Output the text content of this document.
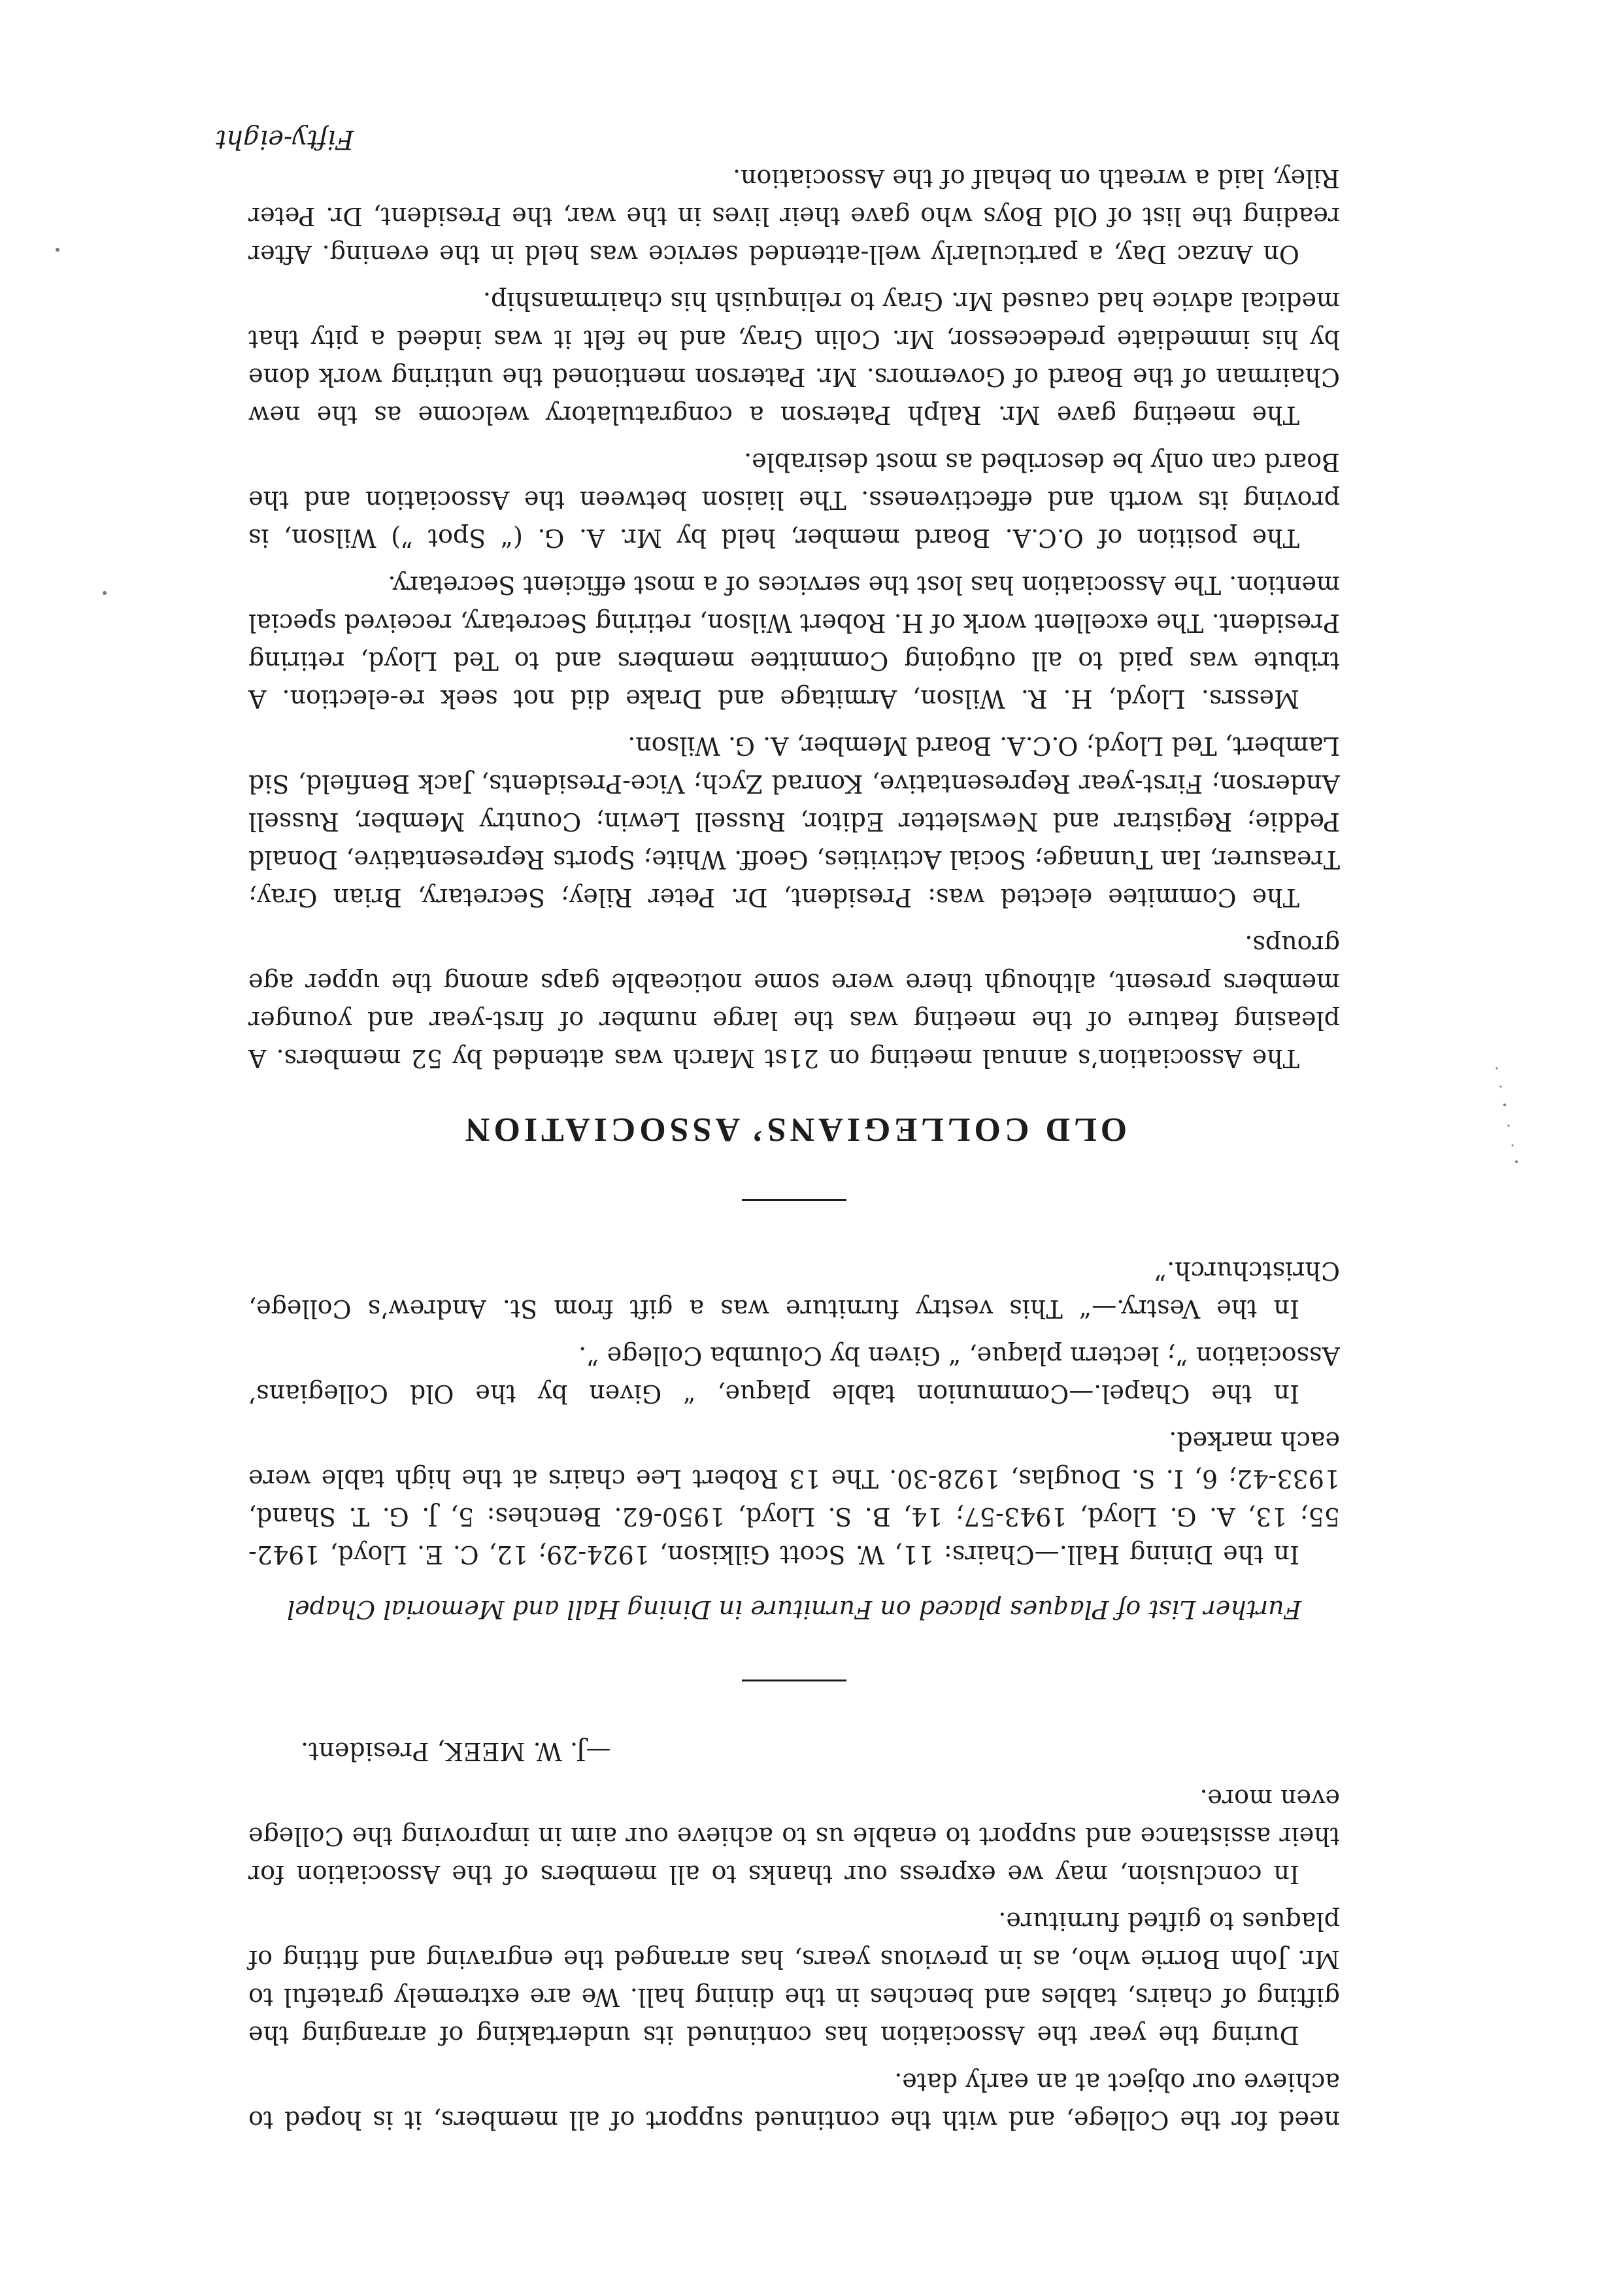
need for the College, and with the continued support of all members, it is hoped to achieve our object at an early date.

During the year the Association has continued its undertaking of arranging the gifting of chairs, tables and benches in the dining hall. We are extremely grateful to Mr. John Borrie who, as in previous years, has arranged the engraving and fitting of plaques to gifted furniture.

In conclusion, may we express our thanks to all members of the Association for their assistance and support to enable us to achieve our aim in improving the College even more.

—J. W. MEEK, President.

Further List of Plaques placed on Furniture in Dining Hall and Memorial Chapel

In the Dining Hall.—Chairs: 11, W. Scott Gilkison, 1924-29; 12, C. E. Lloyd, 1942-55; 13, A. G. Lloyd, 1943-57; 14, B. S. Lloyd, 1950-62. Benches: 5, J. G. T. Shand, 1933-42; 6, I. S. Douglas, 1928-30. The 13 Robert Lee chairs at the high table were each marked.

In the Chapel.—Communion table plaque, “ Given by the Old Collegians’ Association ”; lectern plaque, “ Given by Columba College ”.

In the Vestry.—“ This vestry furniture was a gift from St. Andrew’s College, Christchurch.”

OLD COLLEGIANS’ ASSOCIATION

The Association’s annual meeting on 21st March was attended by 52 members. A pleasing feature of the meeting was the large number of first-year and younger members present, although there were some noticeable gaps among the upper age groups.

The Commitee elected was: President, Dr. Peter Riley; Secretary, Brian Gray; Treasurer, Ian Tunnage; Social Activities, Geoff. White; Sports Representative, Donald Peddie; Registrar and Newsletter Editor, Russell Lewin; Country Member, Russell Anderson; First-year Representative, Konrad Zych; Vice-Presidents, Jack Benfield, Sid Lambert, Ted Lloyd; O.C.A. Board Member, A. G. Wilson.

Messrs. Lloyd, H. R. Wilson, Armitage and Drake did not seek re-election. A tribute was paid to all outgoing Committee members and to Ted Lloyd, retiring President. The excellent work of H. Robert Wilson, retiring Secretary, received special mention. The Association has lost the services of a most efficient Secretary.

The position of O.C.A. Board member, held by Mr. A. G. (“ Spot ”) Wilson, is proving its worth and effectiveness. The liaison between the Association and the Board can only be described as most desirable.

The meeting gave Mr. Ralph Paterson a congratulatory welcome as the new Chairman of the Board of Governors. Mr. Paterson mentioned the untiring work done by his immediate predecessor, Mr. Colin Gray, and he felt it was indeed a pity that medical advice had caused Mr. Gray to relinquish his chairmanship.

On Anzac Day, a particularly well-attended service was held in the evening. After reading the list of Old Boys who gave their lives in the war, the President, Dr. Peter Riley, laid a wreath on behalf of the Association.

Fifty-eight
